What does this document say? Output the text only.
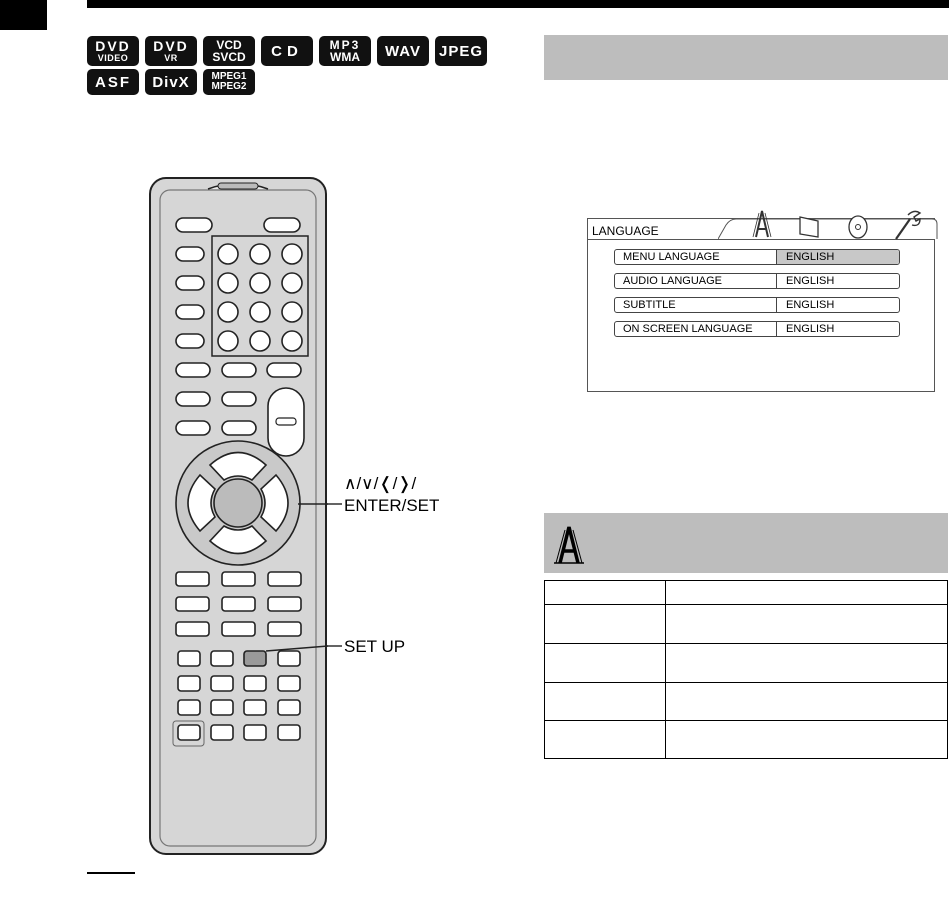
DVD
VIDEO
DVD
VR
VCD
SVCD CD MP3
WMA WAV JPEG
ASF DivX MPEG1
MPEG2
∧/∨/❬/❭/
ENTER/SET
SET UP
LANGUAGE
MENU LANGUAGE	ENGLISH
AUDIO LANGUAGE	ENGLISH
SUBTITLE	ENGLISH
ON SCREEN LANGUAGE	ENGLISH
